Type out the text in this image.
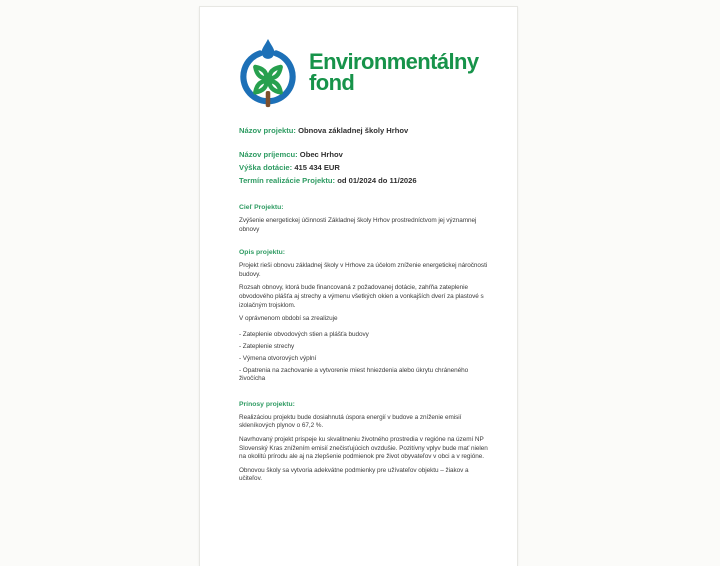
Environmentálny
fond
Názov projektu: Obnova základnej školy Hrhov
Názov príjemcu: Obec Hrhov
Výška dotácie: 415 434 EUR
Termín realizácie Projektu: od 01/2024 do 11/2026

Cieľ Projektu:

Zvýšenie energetickej účinnosti Základnej školy Hrhov prostredníctvom jej významnej obnovy

Opis projektu:

Projekt rieši obnovu základnej školy v Hrhove za účelom zníženie energetickej náročnosti budovy.

Rozsah obnovy, ktorá bude financovaná z požadovanej dotácie, zahŕňa zateplenie obvodového plášťa aj strechy a výmenu všetkých okien a vonkajších dverí za plastové s izolačným trojsklom.

V oprávnenom období sa zrealizuje

- Zateplenie obvodových stien a plášťa budovy

- Zateplenie strechy

- Výmena otvorových výplní

- Opatrenia na zachovanie a vytvorenie miest hniezdenia alebo úkrytu chráneného živočícha

Prínosy projektu:

Realizáciou projektu bude dosiahnutá úspora energií v budove a zníženie emisií skleníkových plynov o 67,2 %.

Navrhovaný projekt prispeje ku skvalitneniu životného prostredia v regióne na území NP Slovenský Kras znížením emisií znečisťujúcich ovzdušie. Pozitívny vplyv bude mať nielen na okolitú prírodu ale aj na zlepšenie podmienok pre život obyvateľov v obci a v regióne.

Obnovou školy sa vytvoria adekvátne podmienky pre užívateľov objektu – žiakov a učiteľov.
